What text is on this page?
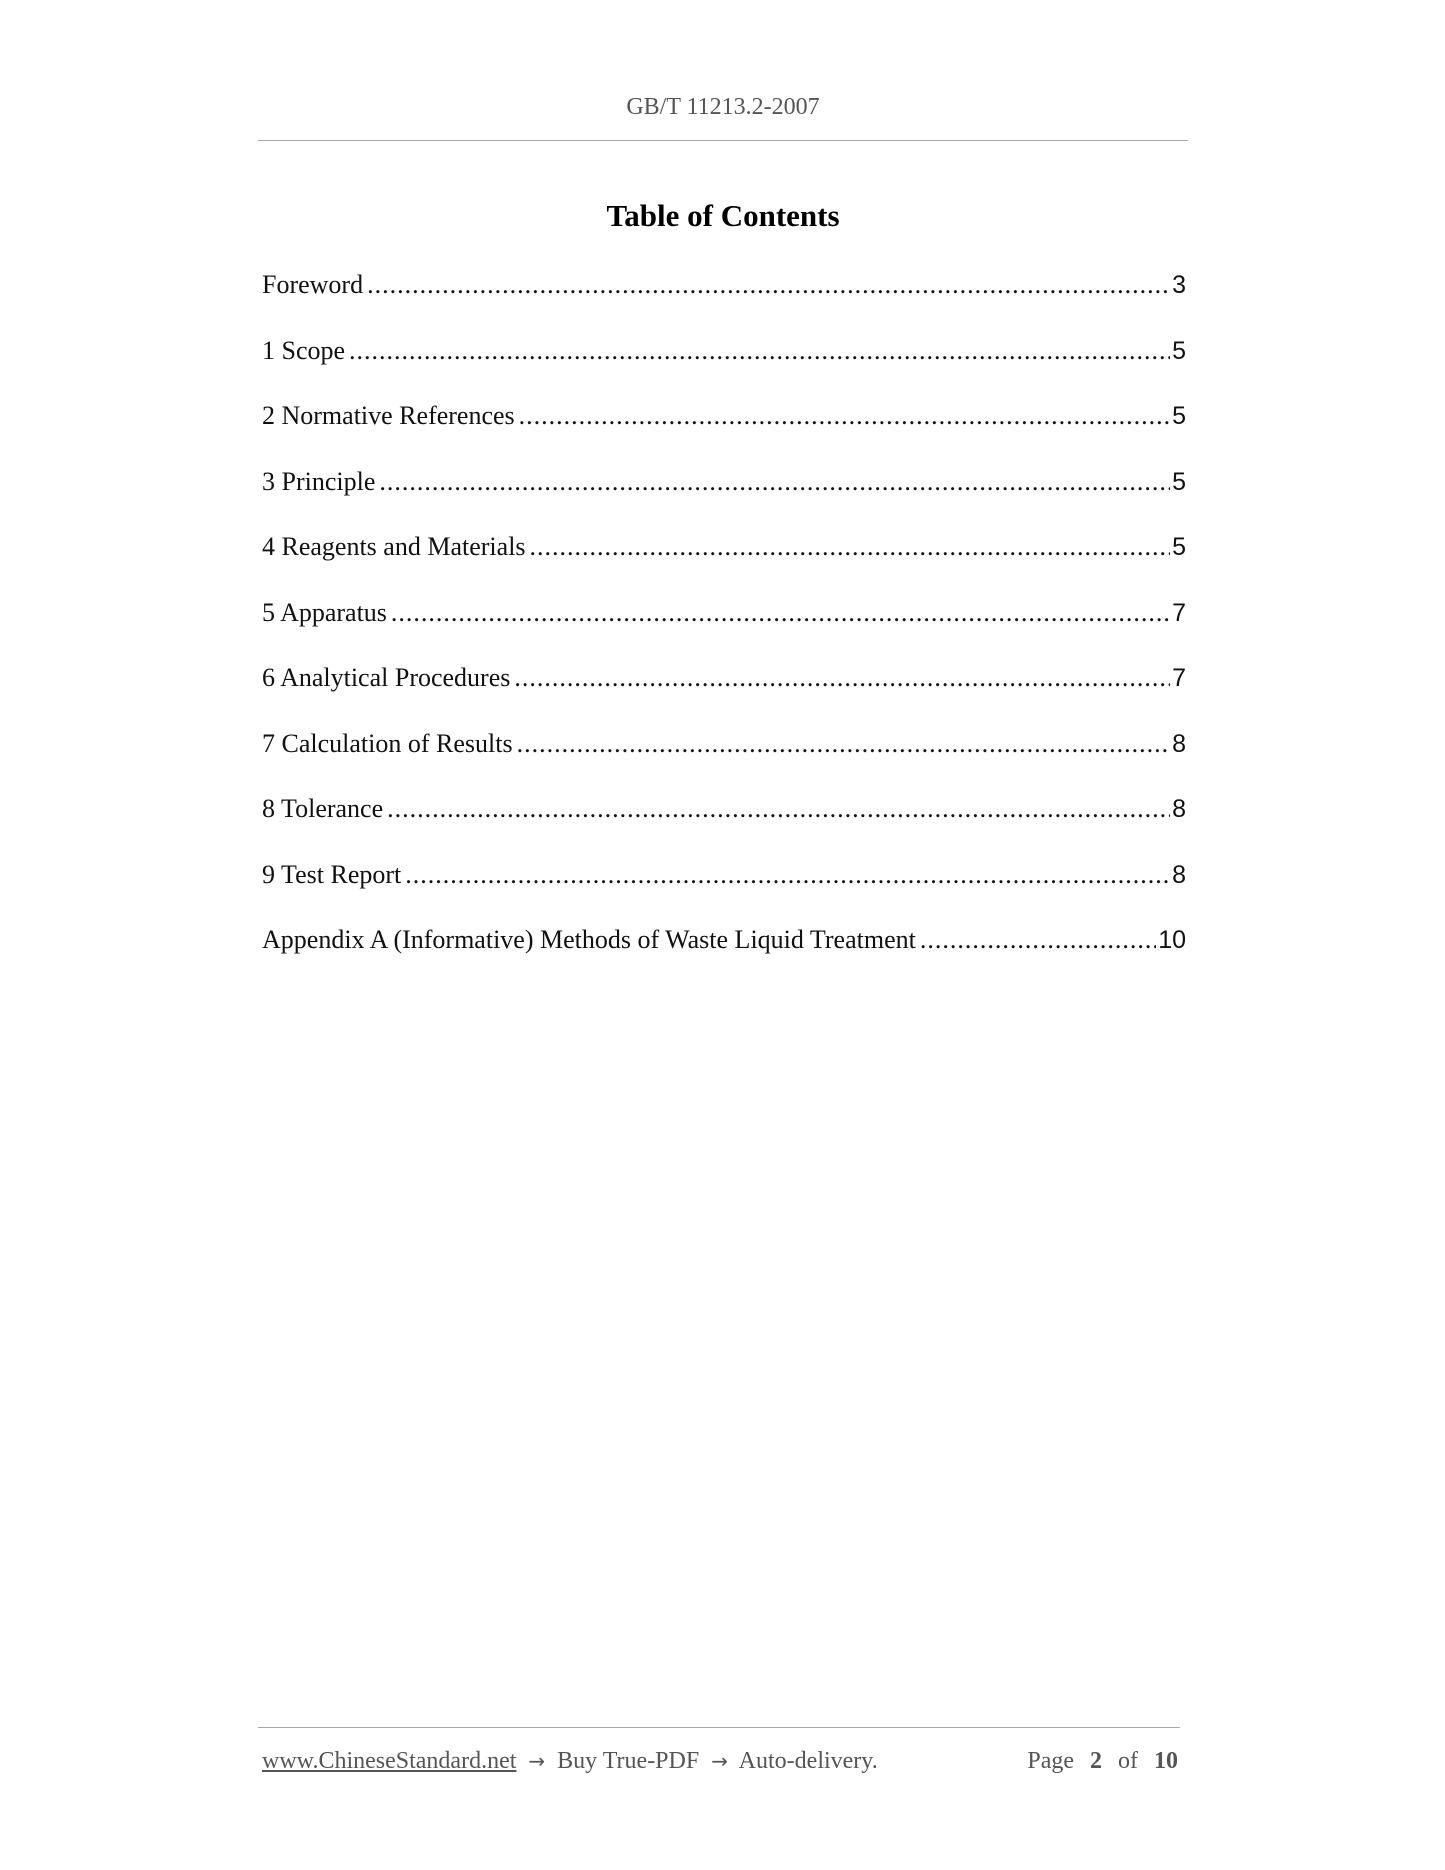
GB/T 11213.2-2007
Table of Contents
Foreword .....	3
1 Scope .....	5
2 Normative References .....	5
3 Principle .....	5
4 Reagents and Materials .....	5
5 Apparatus .....	7
6 Analytical Procedures .....	7
7 Calculation of Results .....	8
8 Tolerance .....	8
9 Test Report .....	8
Appendix A (Informative) Methods of Waste Liquid Treatment .....	10
www.ChineseStandard.net → Buy True-PDF → Auto-delivery.	Page 2 of 10
